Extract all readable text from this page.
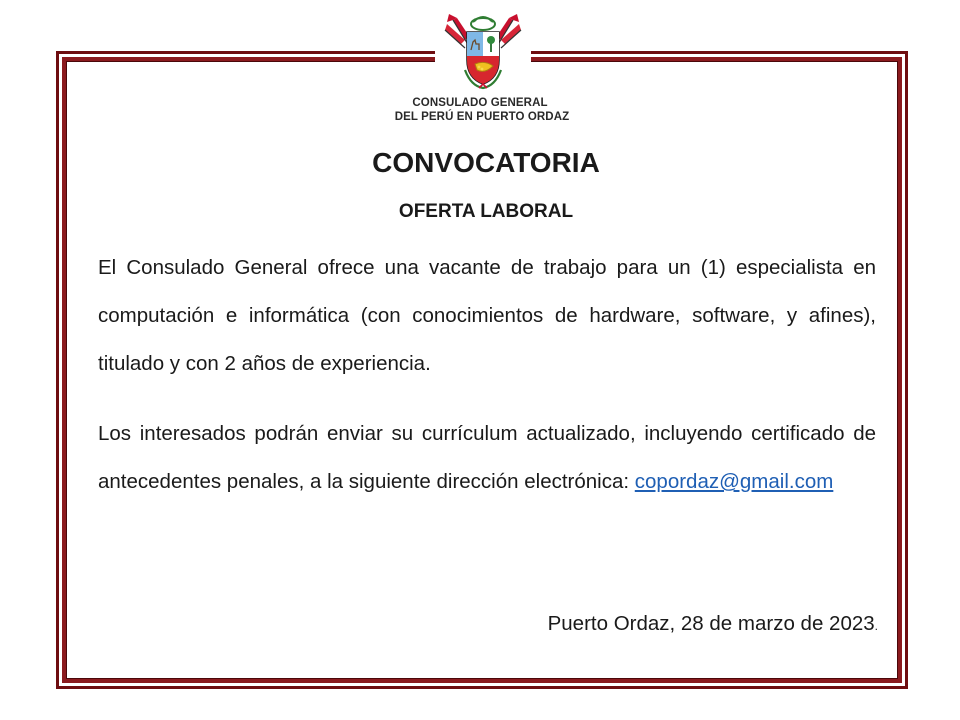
CONSULADO GENERAL
DEL PERÚ EN PUERTO ORDAZ
CONVOCATORIA
OFERTA LABORAL
El Consulado General ofrece una vacante de trabajo para un (1) especialista en computación e informática (con conocimientos de hardware, software, y afines), titulado y con 2 años de experiencia.
Los interesados podrán enviar su currículum actualizado, incluyendo certificado de antecedentes penales, a la siguiente dirección electrónica: copordaz@gmail.com
Puerto Ordaz, 28 de marzo de 2023.
